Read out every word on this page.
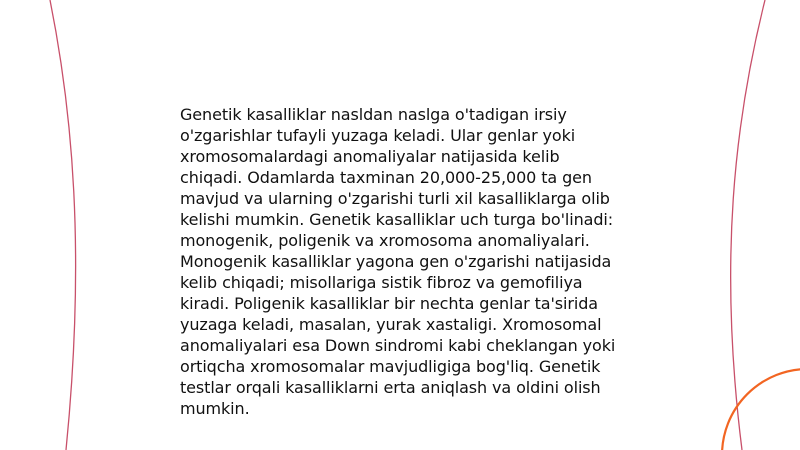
Genetik kasalliklar nasldan naslga o'tadigan irsiy o'zgarishlar tufayli yuzaga keladi. Ular genlar yoki xromosomalardagi anomaliyalar natijasida kelib chiqadi. Odamlarda taxminan 20,000-25,000 ta gen mavjud va ularning o'zgarishi turli xil kasalliklarga olib kelishi mumkin. Genetik kasalliklar uch turga bo'linadi: monogenik, poligenik va xromosoma anomaliyalari. Monogenik kasalliklar yagona gen o'zgarishi natijasida kelib chiqadi; misollariga sistik fibroz va gemofiliya kiradi. Poligenik kasalliklar bir nechta genlar ta'sirida yuzaga keladi, masalan, yurak xastaligi. Xromosomal anomaliyalari esa Down sindromi kabi cheklangan yoki ortiqcha xromosomalar mavjudligiga bog'liq. Genetik testlar orqali kasalliklarni erta aniqlash va oldini olish mumkin.
